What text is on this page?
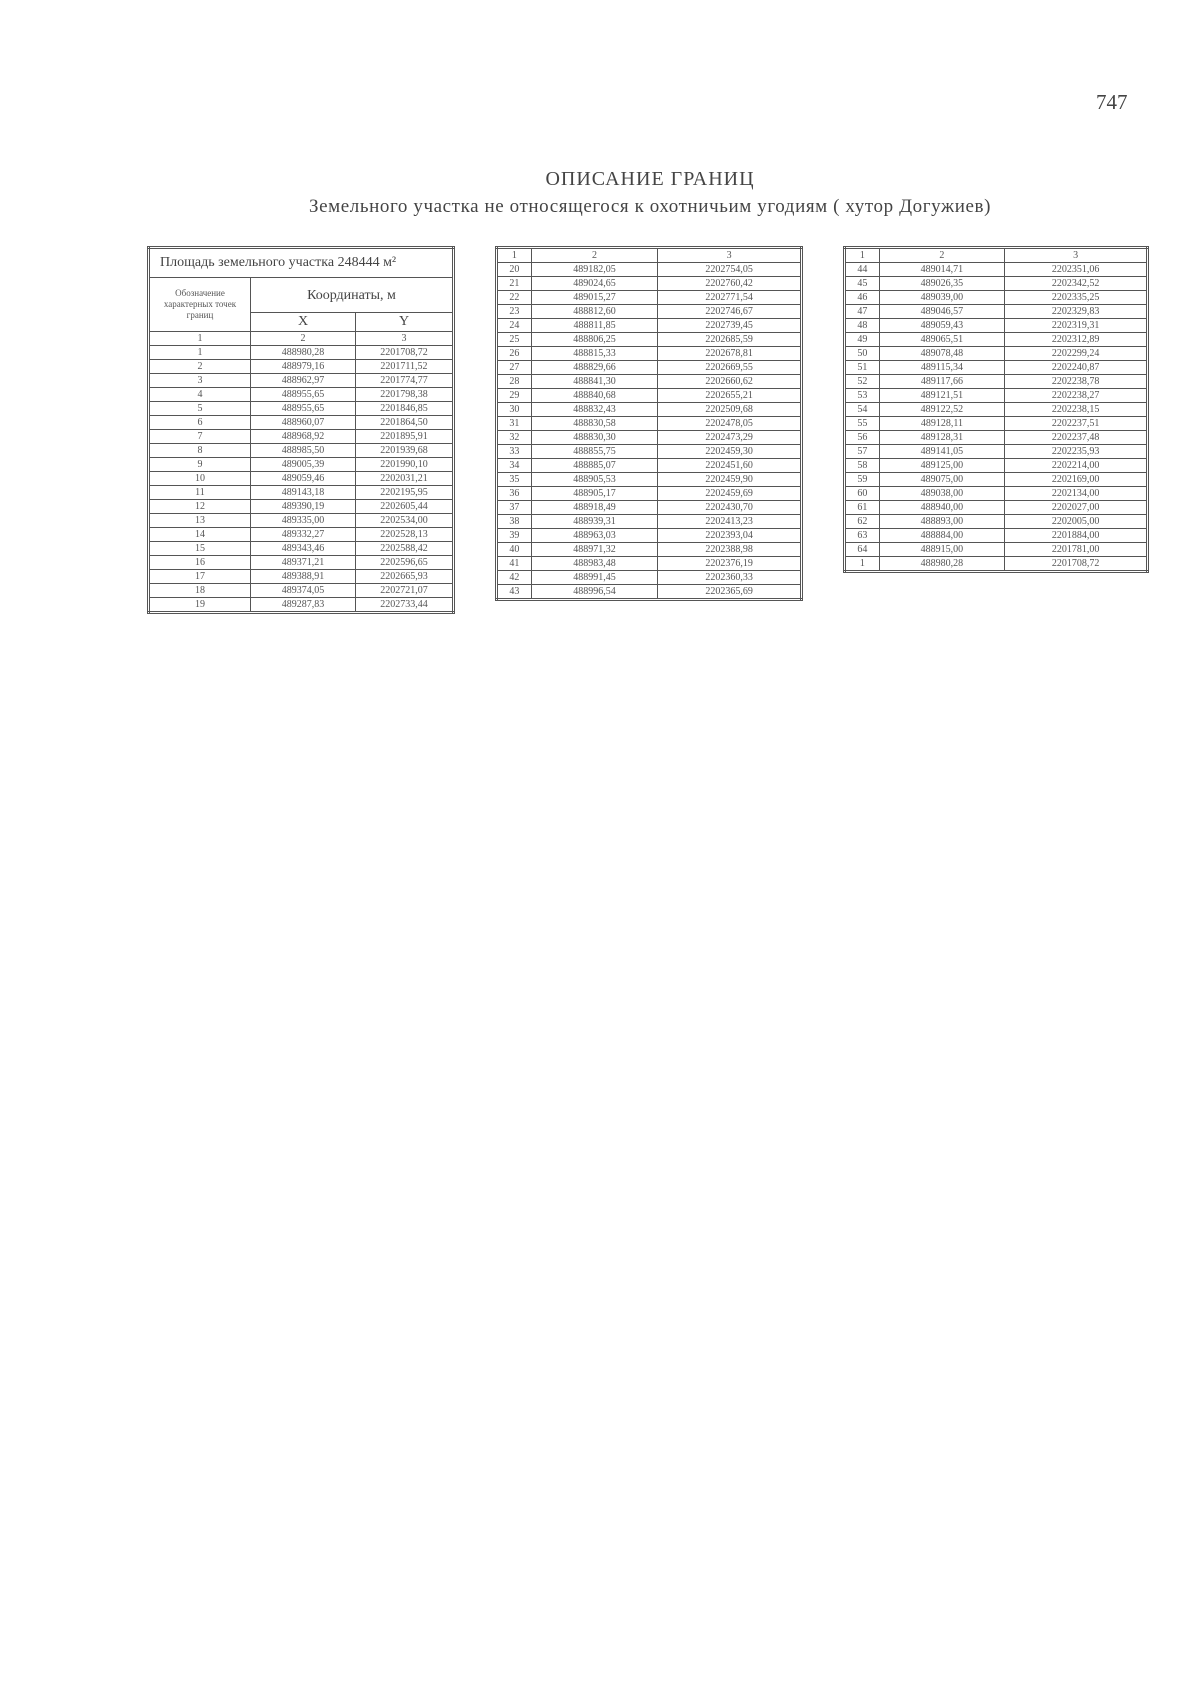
747
ОПИСАНИЕ ГРАНИЦ
Земельного участка не относящегося к охотничьим угодиям ( хутор Догужиев)
Площадь земельного участка 248444 м²		
Обозначение характерных точек границ	Координаты, м	
	X	Y
1	2	3
1	488980,28	2201708,72
2	488979,16	2201711,52
3	488962,97	2201774,77
4	488955,65	2201798,38
5	488955,65	2201846,85
6	488960,07	2201864,50
7	488968,92	2201895,91
8	488985,50	2201939,68
9	489005,39	2201990,10
10	489059,46	2202031,21
11	489143,18	2202195,95
12	489390,19	2202605,44
13	489335,00	2202534,00
14	489332,27	2202528,13
15	489343,46	2202588,42
16	489371,21	2202596,65
17	489388,91	2202665,93
18	489374,05	2202721,07
19	489287,83	2202733,44
1	2	3
20	489182,05	2202754,05
21	489024,65	2202760,42
22	489015,27	2202771,54
23	488812,60	2202746,67
24	488811,85	2202739,45
25	488806,25	2202685,59
26	488815,33	2202678,81
27	488829,66	2202669,55
28	488841,30	2202660,62
29	488840,68	2202655,21
30	488832,43	2202509,68
31	488830,58	2202478,05
32	488830,30	2202473,29
33	488855,75	2202459,30
34	488885,07	2202451,60
35	488905,53	2202459,90
36	488905,17	2202459,69
37	488918,49	2202430,70
38	488939,31	2202413,23
39	488963,03	2202393,04
40	488971,32	2202388,98
41	488983,48	2202376,19
42	488991,45	2202360,33
43	488996,54	2202365,69
1	2	3
44	489014,71	2202351,06
45	489026,35	2202342,52
46	489039,00	2202335,25
47	489046,57	2202329,83
48	489059,43	2202319,31
49	489065,51	2202312,89
50	489078,48	2202299,24
51	489115,34	2202240,87
52	489117,66	2202238,78
53	489121,51	2202238,27
54	489122,52	2202238,15
55	489128,11	2202237,51
56	489128,31	2202237,48
57	489141,05	2202235,93
58	489125,00	2202214,00
59	489075,00	2202169,00
60	489038,00	2202134,00
61	488940,00	2202027,00
62	488893,00	2202005,00
63	488884,00	2201884,00
64	488915,00	2201781,00
1	488980,28	2201708,72
